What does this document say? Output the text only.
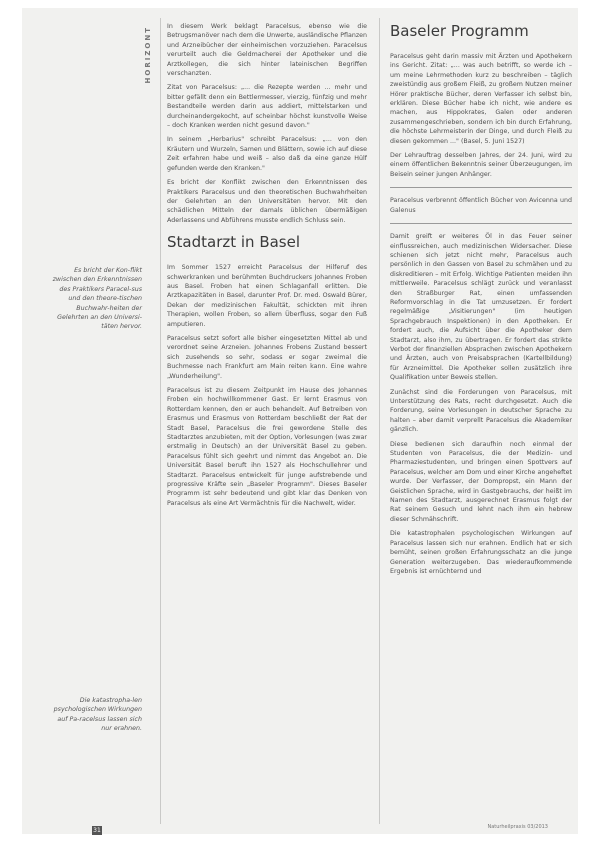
HORIZONT
Es bricht der Kon-flikt zwischen den Erkenntnissen des Praktikers Paracel-sus und den theore-tischen Buchwahr-heiten der Gelehrten an den Universi-täten hervor.
Die katastropha-len psychologischen Wirkungen auf Pa-racelsus lassen sich nur erahnen.

In diesem Werk beklagt Paracelsus, ebenso wie die Betrugsmanöver nach dem die Unwerte, ausländische Pflanzen und Arzneibücher der einheimischen vorzuziehen. Paracelsus verurteilt auch die Geldmacherei der Apotheker und die Arztkollegen, die sich hinter lateinischen Begriffen verschanzten.

Zitat von Paracelsus: „... die Rezepte werden ... mehr und bitter gefällt denn ein Bettlermesser, vierzig, fünfzig und mehr Bestandteile werden darin aus addiert, mittelstarken und durcheinandergekocht, auf scheinbar höchst kunstvolle Weise – doch Kranken werden nicht gesund davon."

In seinem „Herbarius" schreibt Paracelsus: „... von den Kräutern und Wurzeln, Samen und Blättern, sowie ich auf diese Zeit erfahren habe und weiß – also daß da eine ganze Hülf gefunden werde den Kranken."

Es bricht der Konflikt zwischen den Erkenntnissen des Praktikers Paracelsus und den theoretischen Buchwahrheiten der Gelehrten an den Universitäten hervor. Mit den schädlichen Mitteln der damals üblichen übermäßigen Aderlassens und Abführens musste endlich Schluss sein.

Stadtarzt in Basel

Im Sommer 1527 erreicht Paracelsus der Hilferuf des schwerkranken und berühmten Buchdruckers Johannes Froben aus Basel. Froben hat einen Schlaganfall erlitten. Die Arztkapazitäten in Basel, darunter Prof. Dr. med. Oswald Bürer, Dekan der medizinischen Fakultät, schickten mit ihren Therapien, wollen Froben, so allem Überfluss, sogar den Fuß amputieren.

Paracelsus setzt sofort alle bisher eingesetzten Mittel ab und verordnet seine Arzneien. Johannes Frobens Zustand bessert sich zusehends so sehr, sodass er sogar zweimal die Buchmesse nach Frankfurt am Main reiten kann. Eine wahre „Wunderheilung".

Paracelsus ist zu diesem Zeitpunkt im Hause des Johannes Froben ein hochwillkommener Gast. Er lernt Erasmus von Rotterdam kennen, den er auch behandelt. Auf Betreiben von Erasmus und Erasmus von Rotterdam beschließt der Rat der Stadt Basel, Paracelsus die frei gewordene Stelle des Stadtarztes anzubieten, mit der Option, Vorlesungen (was zwar erstmalig in Deutsch) an der Universität Basel zu geben. Paracelsus fühlt sich geehrt und nimmt das Angebot an. Die Universität Basel beruft ihn 1527 als Hochschullehrer und Stadtarzt. Paracelsus entwickelt für junge aufstrebende und progressive Kräfte sein „Baseler Programm". Dieses Baseler Programm ist sehr bedeutend und gibt klar das Denken von Paracelsus als eine Art Vermächtnis für die Nachwelt, wider.

Baseler Programm

Paracelsus geht darin massiv mit Ärzten und Apothekern ins Gericht. Zitat: „... was auch betrifft, so werde ich – um meine Lehrmethoden kurz zu beschreiben – täglich zweistündig aus großem Fleiß, zu großem Nutzen meiner Hörer praktische Bücher, deren Verfasser ich selbst bin, erklären. Diese Bücher habe ich nicht, wie andere es machen, aus Hippokrates, Galen oder anderen zusammengeschrieben, sondern ich bin durch Erfahrung, die höchste Lehrmeisterin der Dinge, und durch Fleiß zu diesen gekommen ..." (Basel, 5. Juni 1527)

Der Lehrauftrag desselben Jahres, der 24. Juni, wird zu einem öffentlichen Bekenntnis seiner Überzeugungen, im Beisein seiner jungen Anhänger.

Paracelsus verbrennt öffentlich Bücher von Avicenna und Galenus

Damit greift er weiteres Öl in das Feuer seiner einflussreichen, auch medizinischen Widersacher. Diese schienen sich jetzt nicht mehr, Paracelsus auch persönlich in den Gassen von Basel zu schmähen und zu diskreditieren – mit Erfolg. Wichtige Patienten meiden ihn mittlerweile. Paracelsus schlägt zurück und veranlasst den Straßburger Rat, einen umfassenden Reformvorschlag in die Tat umzusetzen. Er fordert regelmäßige „Visitierungen" (im heutigen Sprachgebrauch Inspektionen) in den Apotheken. Er fordert auch, die Aufsicht über die Apotheker dem Stadtarzt, also ihm, zu übertragen. Er fordert das strikte Verbot der finanziellen Absprachen zwischen Apothekern und Ärzten, auch von Preisabsprachen (Kartellbildung) für Arzneimittel. Die Apotheker sollen zusätzlich ihre Qualifikation unter Beweis stellen.

Zunächst sind die Forderungen von Paracelsus, mit Unterstützung des Rats, recht durchgesetzt. Auch die Forderung, seine Vorlesungen in deutscher Sprache zu halten – aber damit verprellt Paracelsus die Akademiker gänzlich.

Diese bedienen sich daraufhin noch einmal der Studenten von Paracelsus, die der Medizin- und Pharmaziestudenten, und bringen einen Spottvers auf Paracelsus, welcher am Dom und einer Kirche angeheftet wurde. Der Verfasser, der Dompropst, ein Mann der Geistlichen Sprache, wird in Gastgebrauchs, der heißt im Namen des Stadtarzt, ausgerechnet Erasmus folgt der Rat seinem Gesuch und lehnt nach ihm ein hebrew dieser Schmähschrift.

Die katastrophalen psychologischen Wirkungen auf Paracelsus lassen sich nur erahnen. Endlich hat er sich bemüht, seinen großen Erfahrungsschatz an die junge Generation weiterzugeben. Das wiederaufkommende Ergebnis ist ernüchternd und

31	Naturheilpraxis 03/2013
